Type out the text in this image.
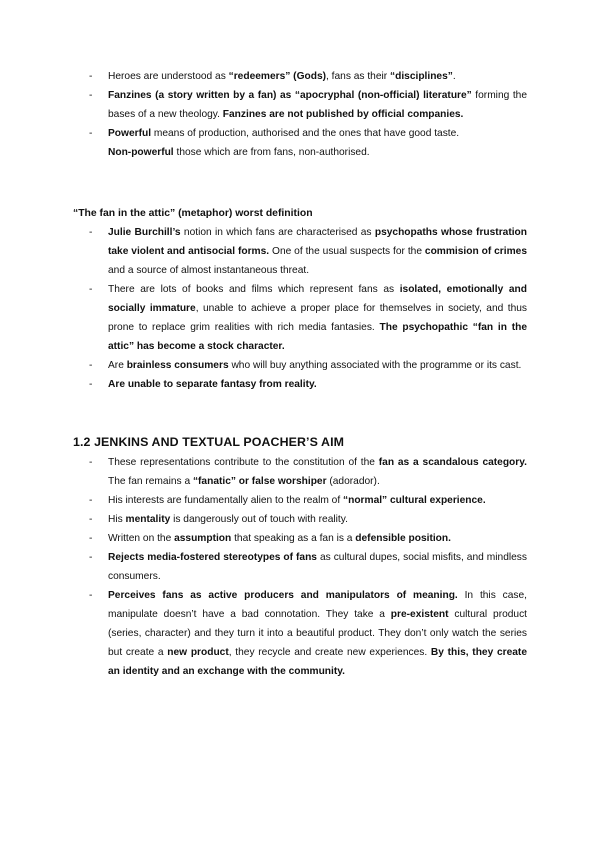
- Heroes are understood as “redeemers” (Gods), fans as their “disciplines”.
- Fanzines (a story written by a fan) as “apocryphal (non-official) literature” forming the bases of a new theology. Fanzines are not published by official companies.
- Powerful means of production, authorised and the ones that have good taste.
Non-powerful those which are from fans, non-authorised.

“The fan in the attic” (metaphor) worst definition

- Julie Burchill’s notion in which fans are characterised as psychopaths whose frustration take violent and antisocial forms. One of the usual suspects for the commision of crimes and a source of almost instantaneous threat.
- There are lots of books and films which represent fans as isolated, emotionally and socially immature, unable to achieve a proper place for themselves in society, and thus prone to replace grim realities with rich media fantasies. The psychopathic “fan in the attic” has become a stock character.
- Are brainless consumers who will buy anything associated with the programme or its cast.
- Are unable to separate fantasy from reality.
1.2 JENKINS AND TEXTUAL POACHER’S AIM
- These representations contribute to the constitution of the fan as a scandalous category. The fan remains a “fanatic” or false worshiper (adorador).
- His interests are fundamentally alien to the realm of “normal” cultural experience.
- His mentality is dangerously out of touch with reality.
- Written on the assumption that speaking as a fan is a defensible position.
- Rejects media-fostered stereotypes of fans as cultural dupes, social misfits, and mindless consumers.
- Perceives fans as active producers and manipulators of meaning. In this case, manipulate doesn’t have a bad connotation. They take a pre-existent cultural product (series, character) and they turn it into a beautiful product. They don’t only watch the series but create a new product, they recycle and create new experiences. By this, they create an identity and an exchange with the community.
